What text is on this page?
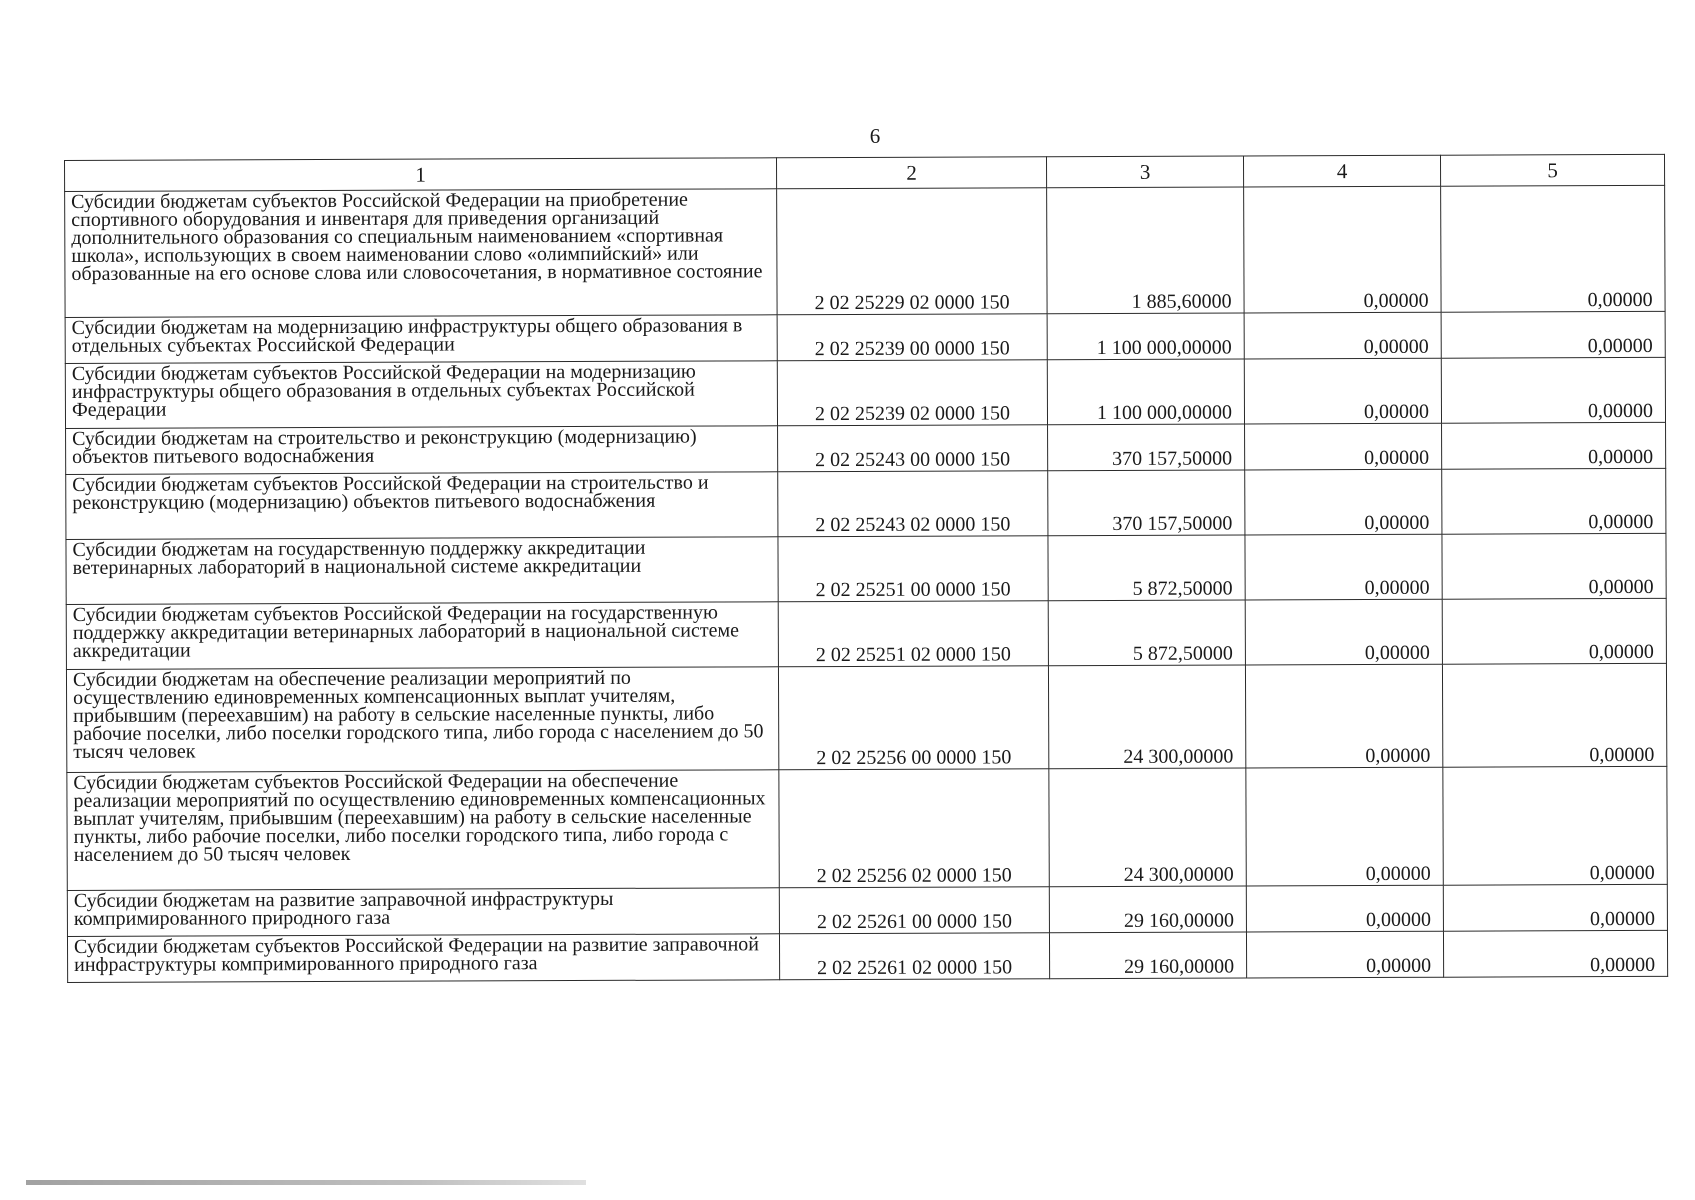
6
1	2	3	4	5
Субсидии бюджетам субъектов Российской Федерации на приобретение спортивного оборудования и инвентаря для приведения организаций дополнительного образования со специальным наименованием «спортивная школа», использующих в своем наименовании слово «олимпийский» или образованные на его основе слова или словосочетания, в нормативное состояние	2 02 25229 02 0000 150	1 885,60000	0,00000	0,00000
Субсидии бюджетам на модернизацию инфраструктуры общего образования в отдельных субъектах Российской Федерации	2 02 25239 00 0000 150	1 100 000,00000	0,00000	0,00000
Субсидии бюджетам субъектов Российской Федерации на модернизацию инфраструктуры общего образования в отдельных субъектах Российской Федерации	2 02 25239 02 0000 150	1 100 000,00000	0,00000	0,00000
Субсидии бюджетам на строительство и реконструкцию (модернизацию) объектов питьевого водоснабжения	2 02 25243 00 0000 150	370 157,50000	0,00000	0,00000
Субсидии бюджетам субъектов Российской Федерации на строительство и реконструкцию (модернизацию) объектов питьевого водоснабжения	2 02 25243 02 0000 150	370 157,50000	0,00000	0,00000
Субсидии бюджетам на государственную поддержку аккредитации ветеринарных лабораторий в национальной системе аккредитации	2 02 25251 00 0000 150	5 872,50000	0,00000	0,00000
Субсидии бюджетам субъектов Российской Федерации на государственную поддержку аккредитации ветеринарных лабораторий в национальной системе аккредитации	2 02 25251 02 0000 150	5 872,50000	0,00000	0,00000
Субсидии бюджетам на обеспечение реализации мероприятий по осуществлению единовременных компенсационных выплат учителям, прибывшим (переехавшим) на работу в сельские населенные пункты, либо рабочие поселки, либо поселки городского типа, либо города с населением до 50 тысяч человек	2 02 25256 00 0000 150	24 300,00000	0,00000	0,00000
Субсидии бюджетам субъектов Российской Федерации на обеспечение реализации мероприятий по осуществлению единовременных компенсационных выплат учителям, прибывшим (переехавшим) на работу в сельские населенные пункты, либо рабочие поселки, либо поселки городского типа, либо города с населением до 50 тысяч человек	2 02 25256 02 0000 150	24 300,00000	0,00000	0,00000
Субсидии бюджетам на развитие заправочной инфраструктуры компримированного природного газа	2 02 25261 00 0000 150	29 160,00000	0,00000	0,00000
Субсидии бюджетам субъектов Российской Федерации на развитие заправочной инфраструктуры компримированного природного газа	2 02 25261 02 0000 150	29 160,00000	0,00000	0,00000
